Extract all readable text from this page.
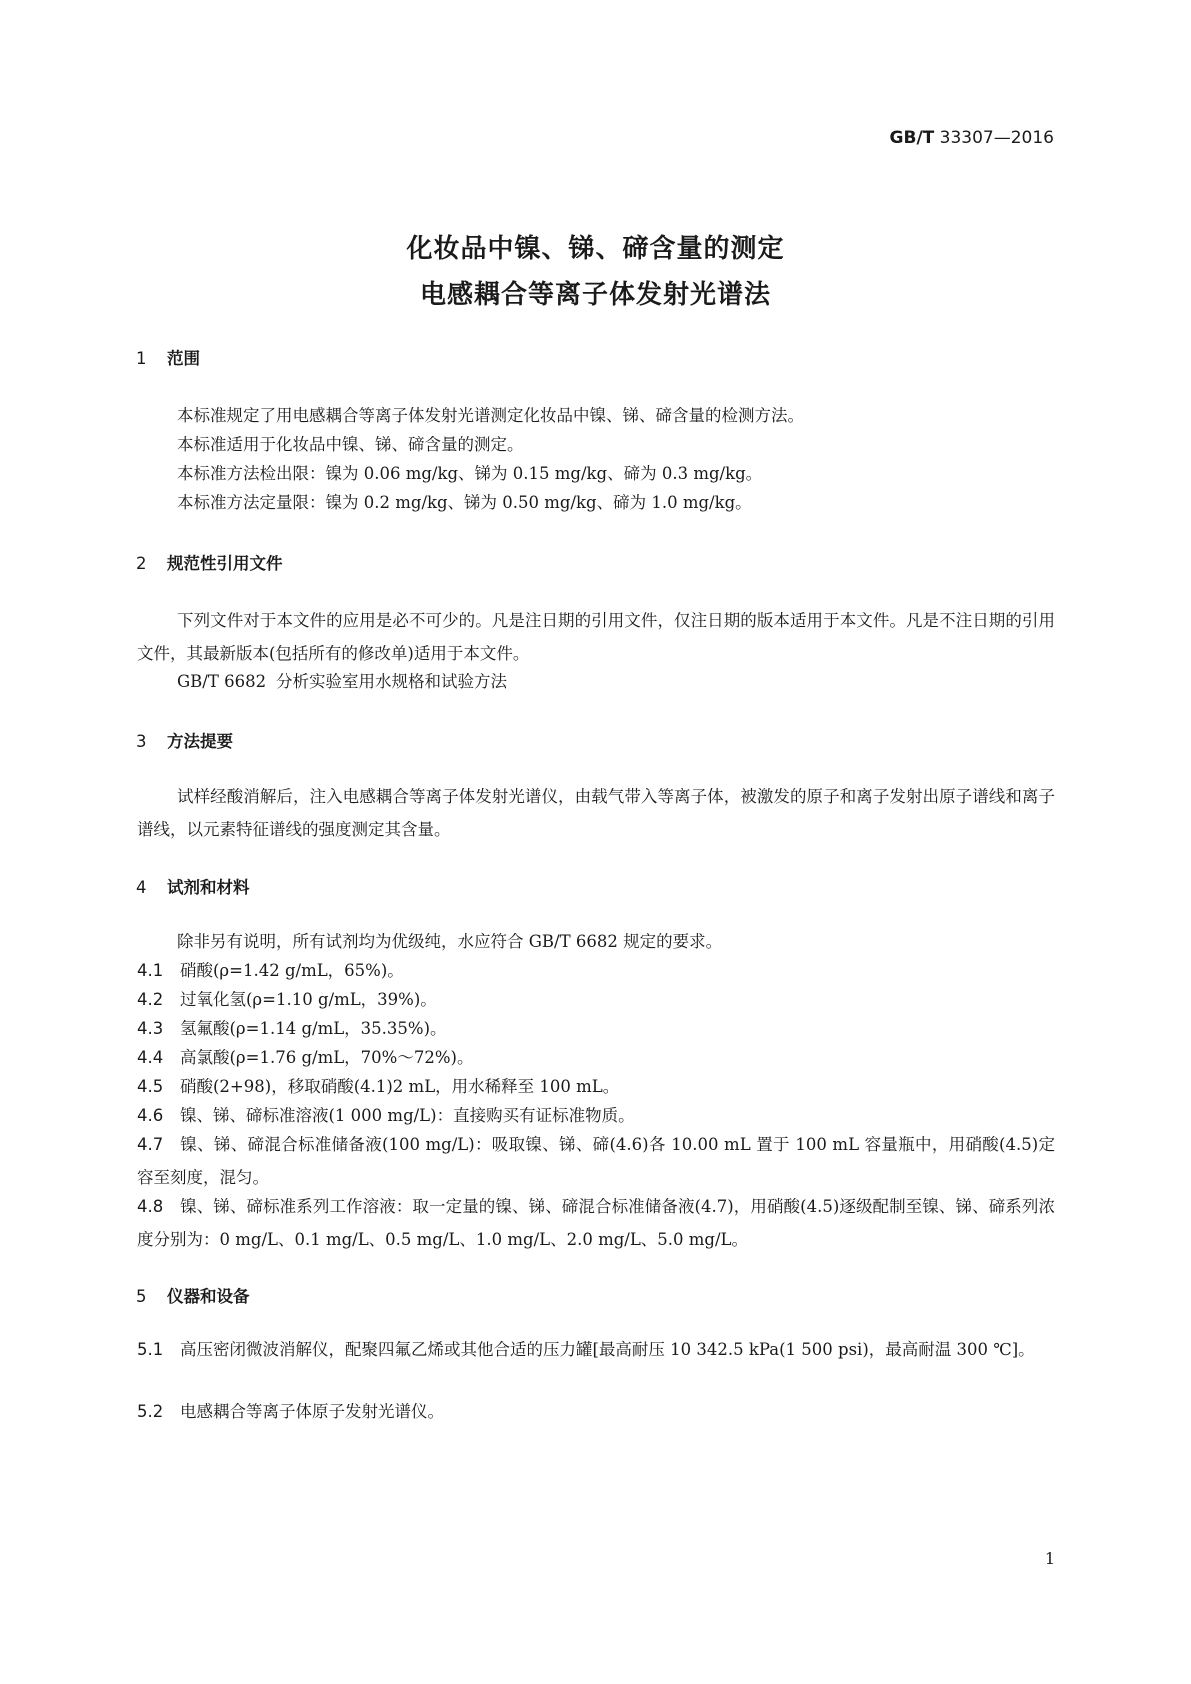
GB/T 33307—2016
化妆品中镍、锑、碲含量的测定
电感耦合等离子体发射光谱法
1 范围
本标准规定了用电感耦合等离子体发射光谱测定化妆品中镍、锑、碲含量的检测方法。
本标准适用于化妆品中镍、锑、碲含量的测定。
本标准方法检出限：镍为 0.06 mg/kg、锑为 0.15 mg/kg、碲为 0.3 mg/kg。
本标准方法定量限：镍为 0.2 mg/kg、锑为 0.50 mg/kg、碲为 1.0 mg/kg。
2 规范性引用文件
下列文件对于本文件的应用是必不可少的。凡是注日期的引用文件，仅注日期的版本适用于本文件。凡是不注日期的引用文件，其最新版本(包括所有的修改单)适用于本文件。
GB/T 6682 分析实验室用水规格和试验方法
3 方法提要
试样经酸消解后，注入电感耦合等离子体发射光谱仪，由载气带入等离子体，被激发的原子和离子发射出原子谱线和离子谱线，以元素特征谱线的强度测定其含量。
4 试剂和材料
除非另有说明，所有试剂均为优级纯，水应符合 GB/T 6682 规定的要求。
4.1 硝酸(ρ=1.42 g/mL，65%)。
4.2 过氧化氢(ρ=1.10 g/mL，39%)。
4.3 氢氟酸(ρ=1.14 g/mL，35.35%)。
4.4 高氯酸(ρ=1.76 g/mL，70%～72%)。
4.5 硝酸(2+98)，移取硝酸(4.1)2 mL，用水稀释至 100 mL。
4.6 镍、锑、碲标准溶液(1 000 mg/L)：直接购买有证标准物质。
4.7 镍、锑、碲混合标准储备液(100 mg/L)：吸取镍、锑、碲(4.6)各 10.00 mL 置于 100 mL 容量瓶中，用硝酸(4.5)定容至刻度，混匀。
4.8 镍、锑、碲标准系列工作溶液：取一定量的镍、锑、碲混合标准储备液(4.7)，用硝酸(4.5)逐级配制至镍、锑、碲系列浓度分别为：0 mg/L、0.1 mg/L、0.5 mg/L、1.0 mg/L、2.0 mg/L、5.0 mg/L。
5 仪器和设备
5.1 高压密闭微波消解仪，配聚四氟乙烯或其他合适的压力罐[最高耐压 10 342.5 kPa(1 500 psi)，最高耐温 300 ℃]。
5.2 电感耦合等离子体原子发射光谱仪。
1
